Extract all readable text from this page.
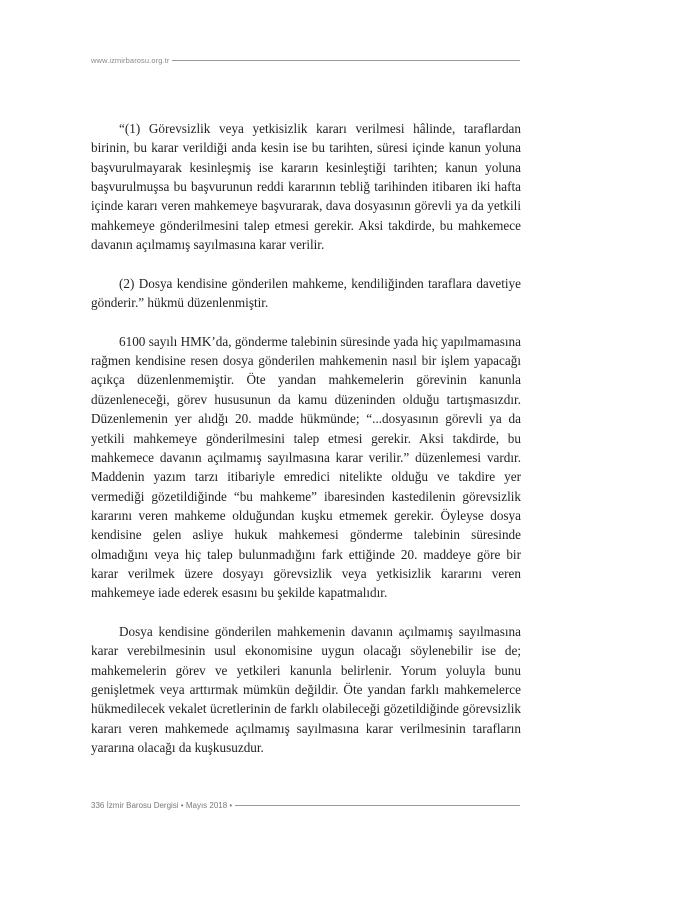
www.izmirbarosu.org.tr

“(1) Görevsizlik veya yetkisizlik kararı verilmesi hâlinde, taraflardan birinin, bu karar verildiği anda kesin ise bu tarihten, süresi içinde kanun yoluna başvurulmayarak kesinleşmiş ise kararın kesinleştiği tarihten; kanun yoluna başvurulmuşsa bu başvurunun reddi kararının tebliğ tarihinden itibaren iki hafta içinde kararı veren mahkemeye başvurarak, dava dosyasının görevli ya da yetkili mahkemeye gönderilmesini talep etmesi gerekir. Aksi takdirde, bu mahkemece davanın açılmamış sayılmasına karar verilir.

(2) Dosya kendisine gönderilen mahkeme, kendiliğinden taraflara davetiye gönderir.” hükmü düzenlenmiştir.

6100 sayılı HMK’da, gönderme talebinin süresinde yada hiç yapılmamasına rağmen kendisine resen dosya gönderilen mahkemenin nasıl bir işlem yapacağı açıkça düzenlenmemiştir. Öte yandan mahkemelerin görevinin kanunla düzenleneceği, görev hususunun da kamu düzeninden olduğu tartışmasızdır. Düzenlemenin yer alıdğı 20. madde hükmünde; “...dosyasının görevli ya da yetkili mahkemeye gönderilmesini talep etmesi gerekir. Aksi takdirde, bu mahkemece davanın açılmamış sayılmasına karar verilir.” düzenlemesi vardır. Maddenin yazım tarzı itibariyle emredici nitelikte olduğu ve takdire yer vermediği gözetildiğinde “bu mahkeme” ibaresinden kastedilenin görevsizlik kararını veren mahkeme olduğundan kuşku etmemek gerekir. Öyleyse dosya kendisine gelen asliye hukuk mahkemesi gönderme talebinin süresinde olmadığını veya hiç talep bulunmadığını fark ettiğinde 20. maddeye göre bir karar verilmek üzere dosyayı görevsizlik veya yetkisizlik kararını veren mahkemeye iade ederek esasını bu şekilde kapatmalıdır.

Dosya kendisine gönderilen mahkemenin davanın açılmamış sayılmasına karar verebilmesinin usul ekonomisine uygun olacağı söylenebilir ise de; mahkemelerin görev ve yetkileri kanunla belirlenir. Yorum yoluyla bunu genişletmek veya arttırmak mümkün değildir. Öte yandan farklı mahkemelerce hükmedilecek vekalet ücretlerinin de farklı olabileceği gözetildiğinde görevsizlik kararı veren mahkemede açılmamış sayılmasına karar verilmesinin tarafların yararına olacağı da kuşkusuzdur.

336 İzmir Barosu Dergisi • Mayıs 2018 •
